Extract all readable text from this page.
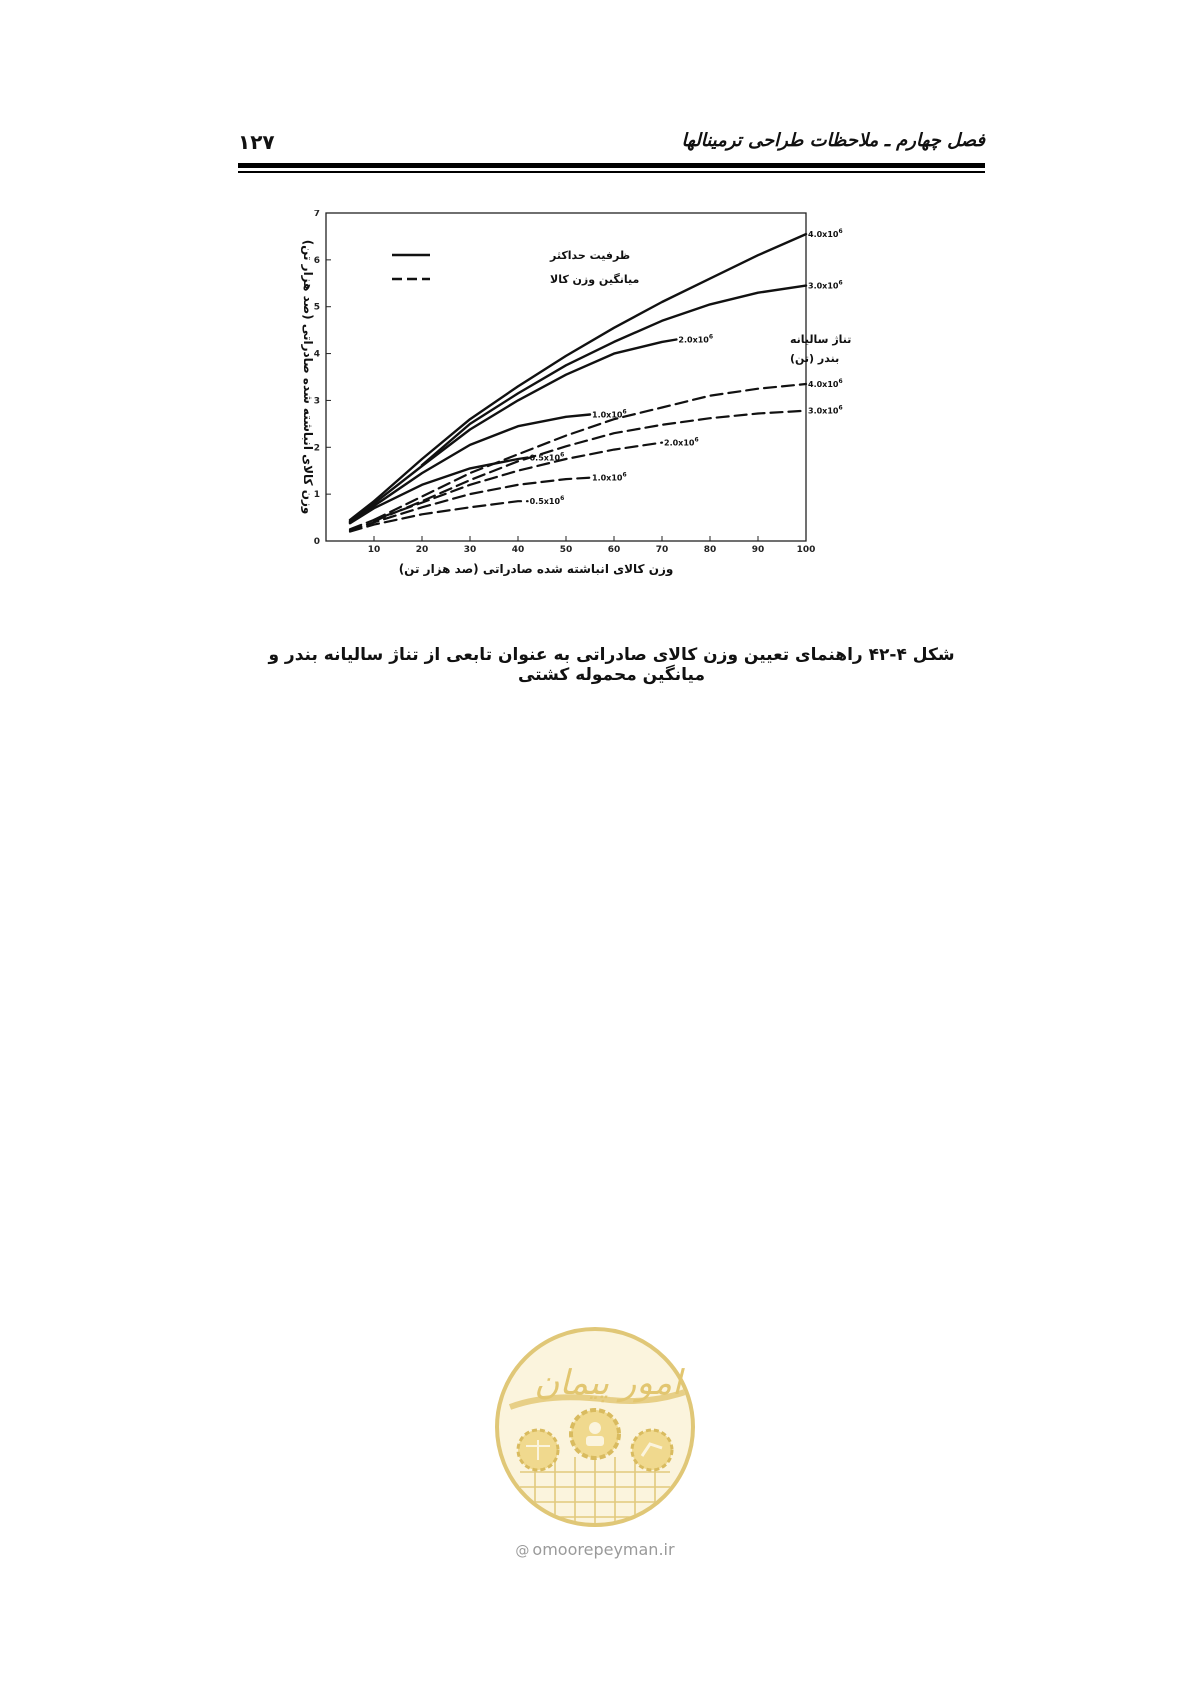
۱۲۷	فصل چهارم ـ ملاحظات طراحی ترمینالها
10	20	30	40	50	60	70	80	90	100
0
1
2
3
4
5
6
7
وزن کالای انباشته شده صادراتی (صد هزار تن)
وزن کالای انباشته شده صادراتی (صد هزار تن)
$4.0x10^6$
$3.0x10^6$
$2.0x10^6$
$1.0x10^6$
$0.5x10^6$
$4.0x10^6$
$3.0x10^6$
$2.0x10^6$
$1.0x10^6$
$0.5x10^6$
ظرفیت حداکثر
میانگین وزن کالا
تناژ سالیانه
بندر (تن)
شکل ۴-۴۲ راهنمای تعیین وزن کالای صادراتی به عنوان تابعی از تناژ سالیانه بندر و میانگین محموله کشتی
امور پیمان
@ omoorepeyman.ir
